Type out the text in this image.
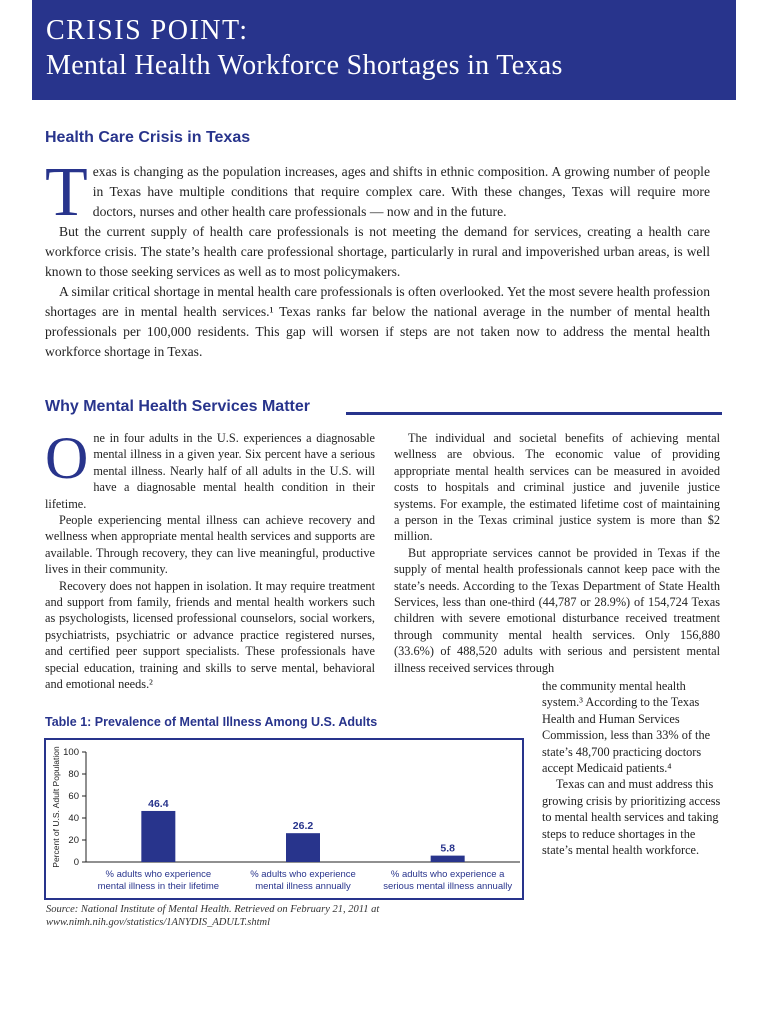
CRISIS POINT:
Mental Health Workforce Shortages in Texas
Health Care Crisis in Texas

Texas is changing as the population increases, ages and shifts in ethnic composition. A growing number of people in Texas have multiple conditions that require complex care. With these changes, Texas will require more doctors, nurses and other health care professionals — now and in the future.

But the current supply of health care professionals is not meeting the demand for services, creating a health care workforce crisis. The state’s health care professional shortage, particularly in rural and impoverished urban areas, is well known to those seeking services as well as to most policymakers.

A similar critical shortage in mental health care professionals is often overlooked. Yet the most severe health profession shortages are in mental health services.¹ Texas ranks far below the national average in the number of mental health professionals per 100,000 residents. This gap will worsen if steps are not taken now to address the mental health workforce shortage in Texas.

Why Mental Health Services Matter

One in four adults in the U.S. experiences a diagnosable mental illness in a given year. Six percent have a serious mental illness. Nearly half of all adults in the U.S. will have a diagnosable mental health condition in their lifetime.

People experiencing mental illness can achieve recovery and wellness when appropriate mental health services and supports are available. Through recovery, they can live meaningful, productive lives in their community.

Recovery does not happen in isolation. It may require treatment and support from family, friends and mental health workers such as psychologists, licensed professional counselors, social workers, psychiatrists, psychiatric or advance practice registered nurses, and certified peer support specialists. These professionals have special education, training and skills to serve mental, behavioral and emotional needs.²

The individual and societal benefits of achieving mental wellness are obvious. The economic value of providing appropriate mental health services can be measured in avoided costs to hospitals and criminal justice and juvenile justice systems. For example, the estimated lifetime cost of maintaining a person in the Texas criminal justice system is more than $2 million.

But appropriate services cannot be provided in Texas if the supply of mental health professionals cannot keep pace with the state’s needs. According to the Texas Department of State Health Services, less than one-third (44,787 or 28.9%) of 154,724 Texas children with severe emotional disturbance received treatment through community mental health services. Only 156,880 (33.6%) of 488,520 adults with serious and persistent mental illness received services through

the community mental health system.³ According to the Texas Health and Human Services Commission, less than 33% of the state’s 48,700 practicing doctors accept Medicaid patients.⁴

Texas can and must address this growing crisis by prioritizing access to mental health services and taking steps to reduce shortages in the state’s mental health workforce.

Table 1: Prevalence of Mental Illness Among U.S. Adults
Percent of U.S. Adult Population 0
20
40
60
80
100
46.4
% adults who experience
mental illness in their lifetime
26.2
% adults who experience
mental illness annually
5.8
% adults who experience a
serious mental illness annually
Source: National Institute of Mental Health. Retrieved on February 21, 2011 at www.nimh.nih.gov/statistics/1ANYDIS_ADULT.shtml
